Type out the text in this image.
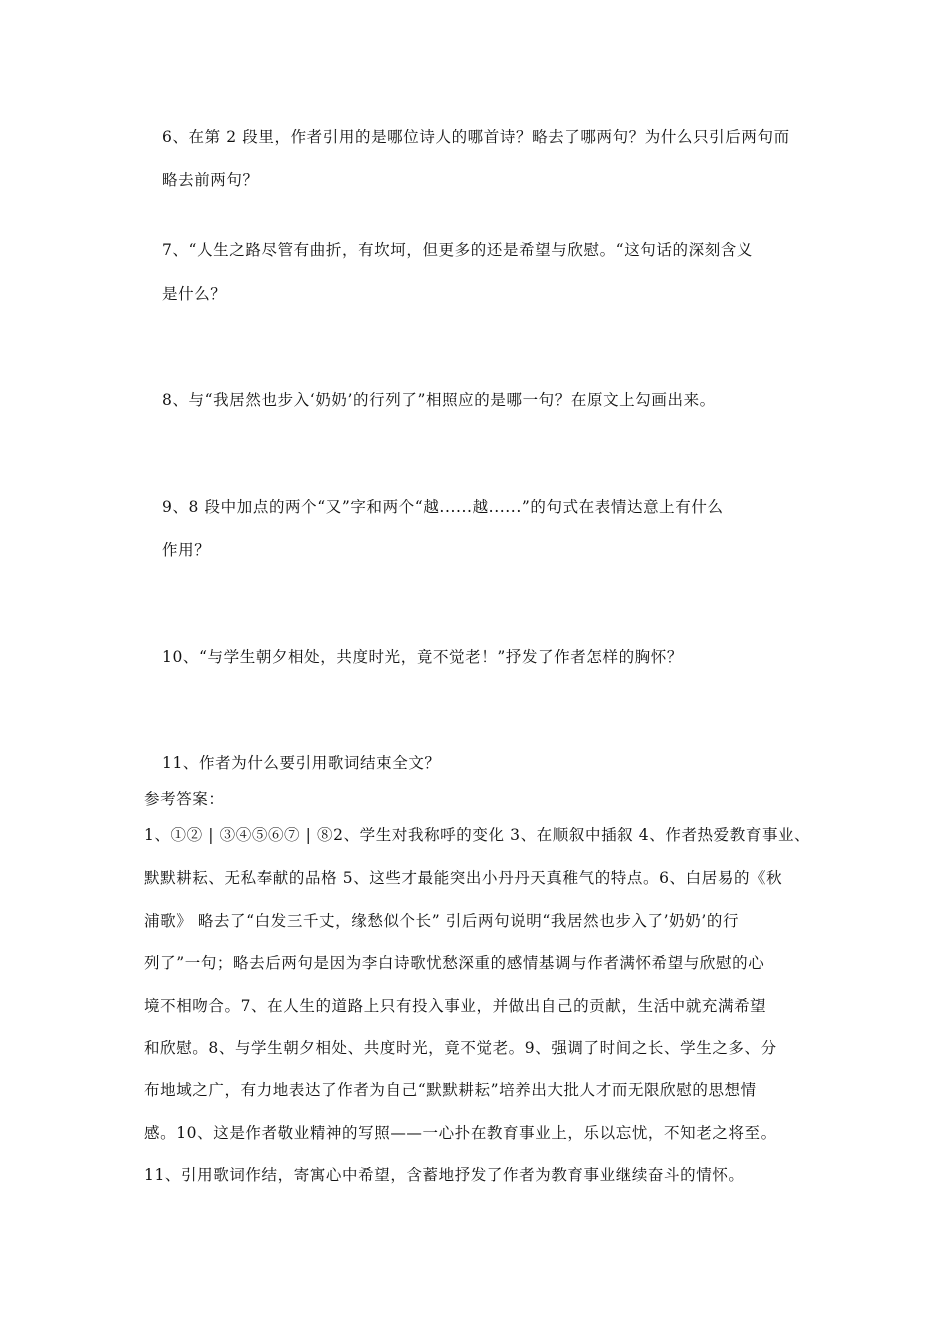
6、在第 2 段里，作者引用的是哪位诗人的哪首诗？略去了哪两句？为什么只引后两句而
略去前两句？
7、“人生之路尽管有曲折，有坎坷，但更多的还是希望与欣慰。“这句话的深刻含义
是什么？
8、与“我居然也步入‘奶奶’的行列了”相照应的是哪一句？在原文上勾画出来。
9、8 段中加点的两个“又”字和两个“越......越......”的句式在表情达意上有什么
作用？
10、“与学生朝夕相处，共度时光，竟不觉老！”抒发了作者怎样的胸怀？
11、作者为什么要引用歌词结束全文？
参考答案：
1、①② | ③④⑤⑥⑦ | ⑧2、学生对我称呼的变化 3、在顺叙中插叙 4、作者热爱教育事业、
默默耕耘、无私奉献的品格 5、这些才最能突出小丹丹天真稚气的特点。6、白居易的《秋
浦歌》 略去了“白发三千丈，缘愁似个长” 引后两句说明“我居然也步入了’奶奶’的行
列了”一句；略去后两句是因为李白诗歌忧愁深重的感情基调与作者满怀希望与欣慰的心
境不相吻合。7、在人生的道路上只有投入事业，并做出自己的贡献，生活中就充满希望
和欣慰。8、与学生朝夕相处、共度时光，竟不觉老。9、强调了时间之长、学生之多、分
布地域之广，有力地表达了作者为自己“默默耕耘”培养出大批人才而无限欣慰的思想情
感。10、这是作者敬业精神的写照——一心扑在教育事业上，乐以忘忧，不知老之将至。
11、引用歌词作结，寄寓心中希望，含蓄地抒发了作者为教育事业继续奋斗的情怀。
